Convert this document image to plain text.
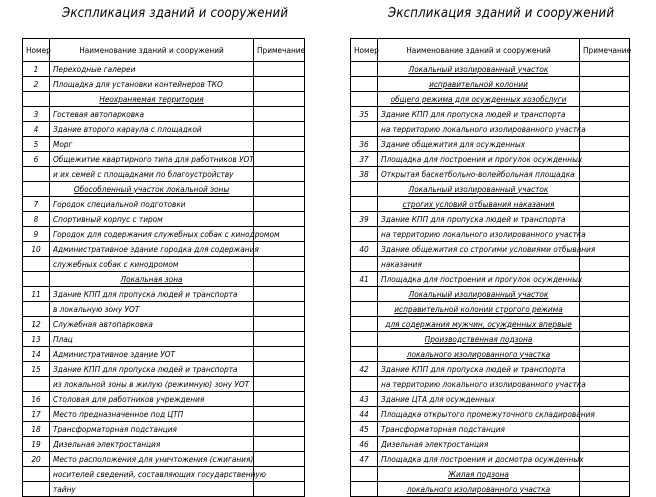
Экспликация зданий и сооружений
Номер	Наименование зданий и сооружений	Примечание
1	Переходные галереи	
2	Площадка для установки контейнеров ТКО	
	Неохраняемая территория	
3	Гостевая автопарковка	
4	Здание второго караула с площадкой	
5	Морг	
6	Общежитие квартирного типа для работников УОТ	
	и их семей с площадками по благоустройству	
	Обособленный участок локальной зоны	
7	Городок специальной подготовки	
8	Спортивный корпус с тиром	
9	Городок для содержания служебных собак с кинодромом	
10	Административное здание городка для содержания	
	служебных собак с кинодромом	
	Локальная зона	
11	Здание КПП для пропуска людей и транспорта	
	в локальную зону УОТ	
12	Служебная автопарковка	
13	Плац	
14	Административное здание УОТ	
15	Здание КПП для пропуска людей и транспорта	
	из локальной зоны в жилую (режимную) зону УОТ	
16	Столовая для работников учреждения	
17	Место предназначенное под ЦТП	
18	Трансформаторная подстанция	
19	Дизельная электростанция	
20	Место расположения для уничтожения (сжигания)	
	носителей сведений, составляющих государственную	
	тайну	
Экспликация зданий и сооружений
Номер	Наименование зданий и сооружений	Примечание
	Локальный изолированный участок	
	исправительной колонии	
	общего режима для осужденных хозобслуги	
35	Здание КПП для пропуска людей и транспорта	
	на территорию локального изолированного участка	
36	Здание общежития для осужденных	
37	Площадка для построения и прогулок осужденных	
38	Открытая баскетбольно-волейбольная площадка	
	Локальный изолированный участок	
	строгих условий отбывания наказания	
39	Здание КПП для пропуска людей и транспорта	
	на территорию локального изолированного участка	
40	Здание общежития со строгими условиями отбывания	
	наказания	
41	Площадка для построения и прогулок осужденных	
	Локальный изолированный участок	
	исправительной колонии строгого режима	
	для содержания мужчин, осужденных впервые	
	Производственная подзона	
	локального изолированного участка	
42	Здание КПП для пропуска людей и транспорта	
	на территорию локального изолированного участка	
43	Здание ЦТА для осужденных	
44	Площадка открытого промежуточного складирования	
45	Трансформаторная подстанция	
46	Дизельная электростанция	
47	Площадка для построения и досмотра осужденных	
	Жилая подзона	
	локального изолированного участка	
